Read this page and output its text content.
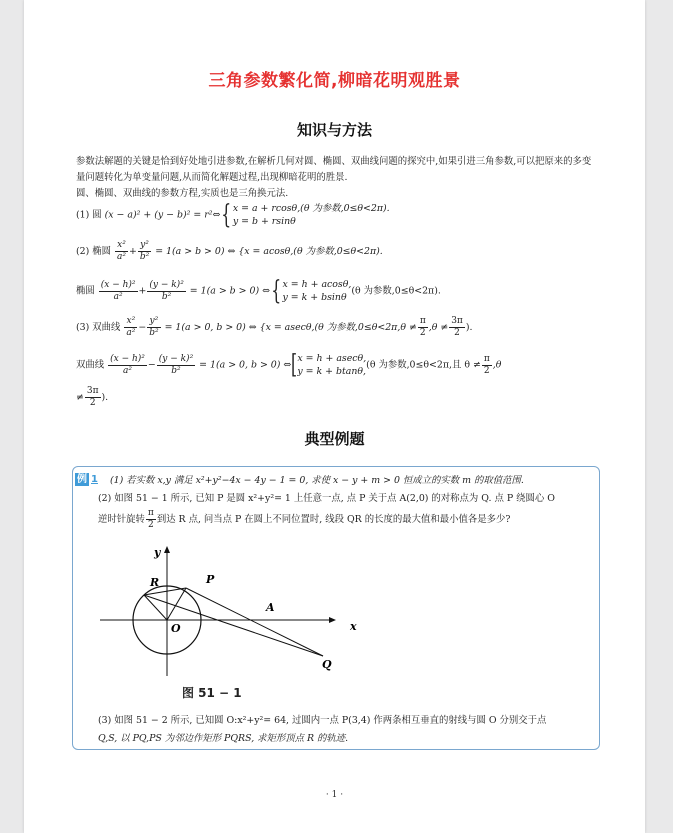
三角参数繁化简,柳暗花明观胜景
知识与方法
参数法解题的关键是恰到好处地引进参数,在解析几何对圆、椭圆、双曲线问题的探究中,如果引进三角参数,可以把原来的多变量问题转化为单变量问题,从而简化解题过程,出现柳暗花明的胜景.
圆、椭圆、双曲线的参数方程,实质也是三角换元法.
(1) 圆 (x − a)² + (y − b)² = r²⇔{ x = a + rcosθ,(θ 为参数,0≤θ<2π).
y = b + rsinθ
(2) 椭圆 $\frac{\text{x²}}{\text{a²}} + \frac{\text{y²}}{\text{b²}} = 1(a > b > 0)$ ⇔ {x = acosθ,(θ 为参数,0≤θ<2π).
椭圆 $\frac{\text{(x − h)²}}{\text{a²}} + \frac{\text{(y − k)²}}{\text{b²}} = 1(a > b > 0)$ ⇔{ x = h + acosθ,
y = k + bsinθ
(θ 为参数,0≤θ<2π).
(3) 双曲线 $\frac{\text{x²}}{\text{a²}} - \frac{\text{y²}}{\text{b²}} = 1(a > 0$, b > 0) ⇔ {x = asecθ,(θ 为参数$,0\le\theta<2\pi,\theta \ne \frac{\pi}{2} ,\theta \ne \frac{3\pi}{2}$ ).
双曲线 $\frac{\text{(x − h)²}}{\text{a²}} - \frac{\text{(y − k)²}}{\text{b²}} = 1(a > 0$, b > 0) ⇔[ x = h + asecθ,
y = k + btanθ,
(θ 为参数,0≤θ<2π,且 $\theta \ne \frac{\pi}{2} ,\theta$
≠ $\frac{3\pi}{2}$ ).
典型例题
例 1 (1) 若实数 x,y 满足 x²+y²−4x − 4y − 1 = 0, 求使 x − y + m > 0 恒成立的实数 m 的取值范围.
(2) 如图 51 − 1 所示, 已知 P 是圆 x²+y²= 1 上任意一点, 点 P 关于点 A(2,0) 的对称点为 Q. 点 P 绕圆心 O
逆时针旋转 $\frac{\pi}{2}$ 到达 R 点, 问当点 P 在圆上不同位置时, 线段 QR 的长度的最大值和最小值各是多少?
y
x
O
P
R
A
Q
图 51 − 1
(3) 如图 51 − 2 所示, 已知圆 O:x²+y²= 64, 过圆内一点 P(3,4) 作两条相互垂直的射线与圆 O 分别交于点
Q,S, 以 PQ,PS 为邻边作矩形 PQRS, 求矩形顶点 R 的轨迹.
· 1 ·
